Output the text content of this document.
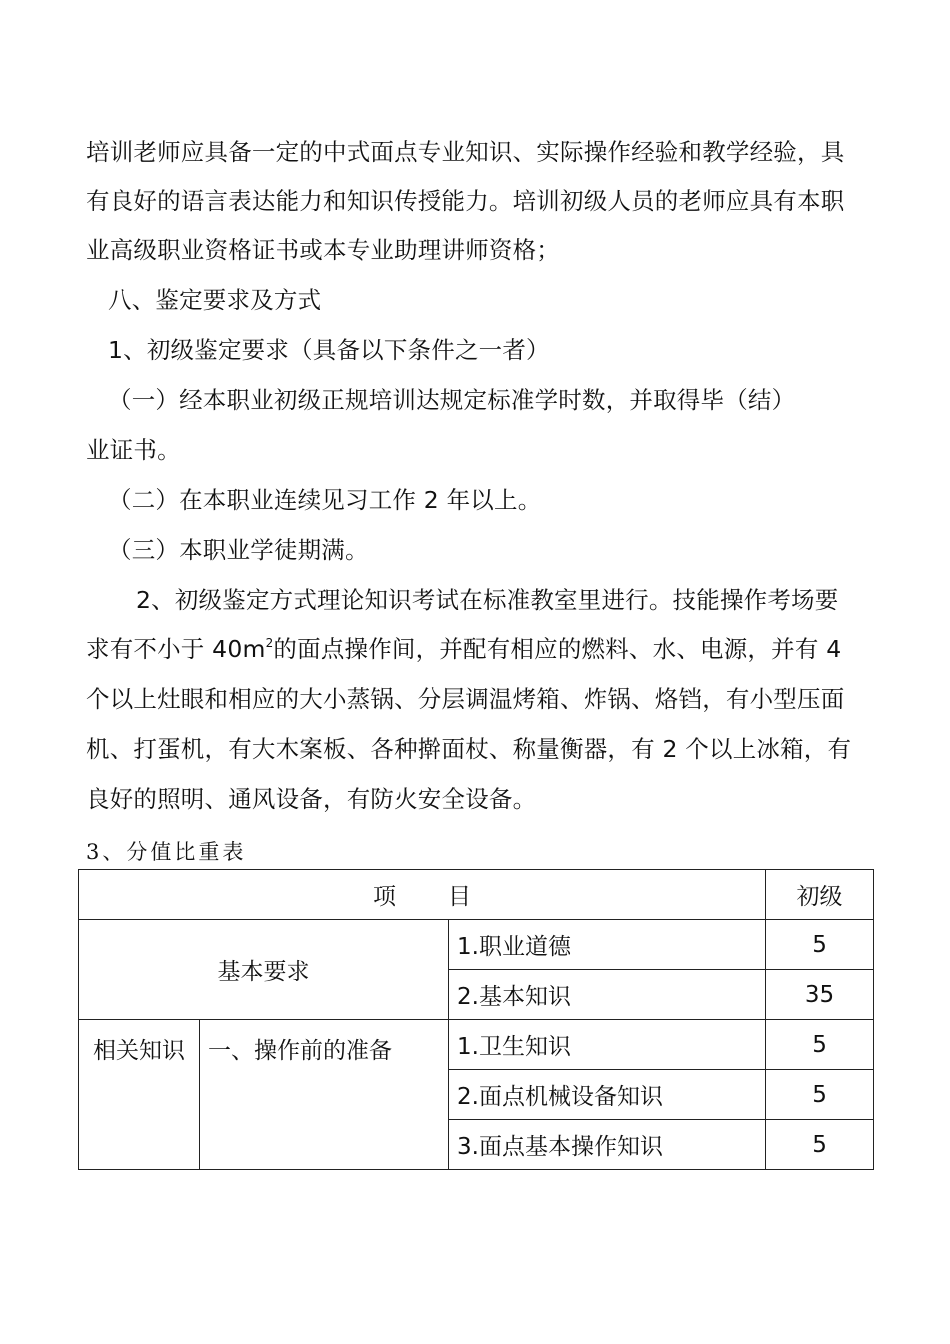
培训老师应具备一定的中式面点专业知识、实际操作经验和教学经验，具
有良好的语言表达能力和知识传授能力。培训初级人员的老师应具有本职
业高级职业资格证书或本专业助理讲师资格；
八、鉴定要求及方式
1、初级鉴定要求（具备以下条件之一者）
（一）经本职业初级正规培训达规定标准学时数，并取得毕（结）
业证书。
（二）在本职业连续见习工作 2 年以上。
（三）本职业学徒期满。
2、初级鉴定方式理论知识考试在标准教室里进行。技能操作考场要
求有不小于 $40m^2$的面点操作间，并配有相应的燃料、水、电源，并有 4
个以上灶眼和相应的大小蒸锅、分层调温烤箱、炸锅、烙铛，有小型压面
机、打蛋机，有大木案板、各种擀面杖、称量衡器，有 2 个以上冰箱，有
良好的照明、通风设备，有防火安全设备。
3、分值比重表
项 目			初级
基本要求		1.职业道德	5
		2.基本知识	35
相关知识	一、操作前的准备	1.卫生知识	5
		2.面点机械设备知识	5
		3.面点基本操作知识	5
